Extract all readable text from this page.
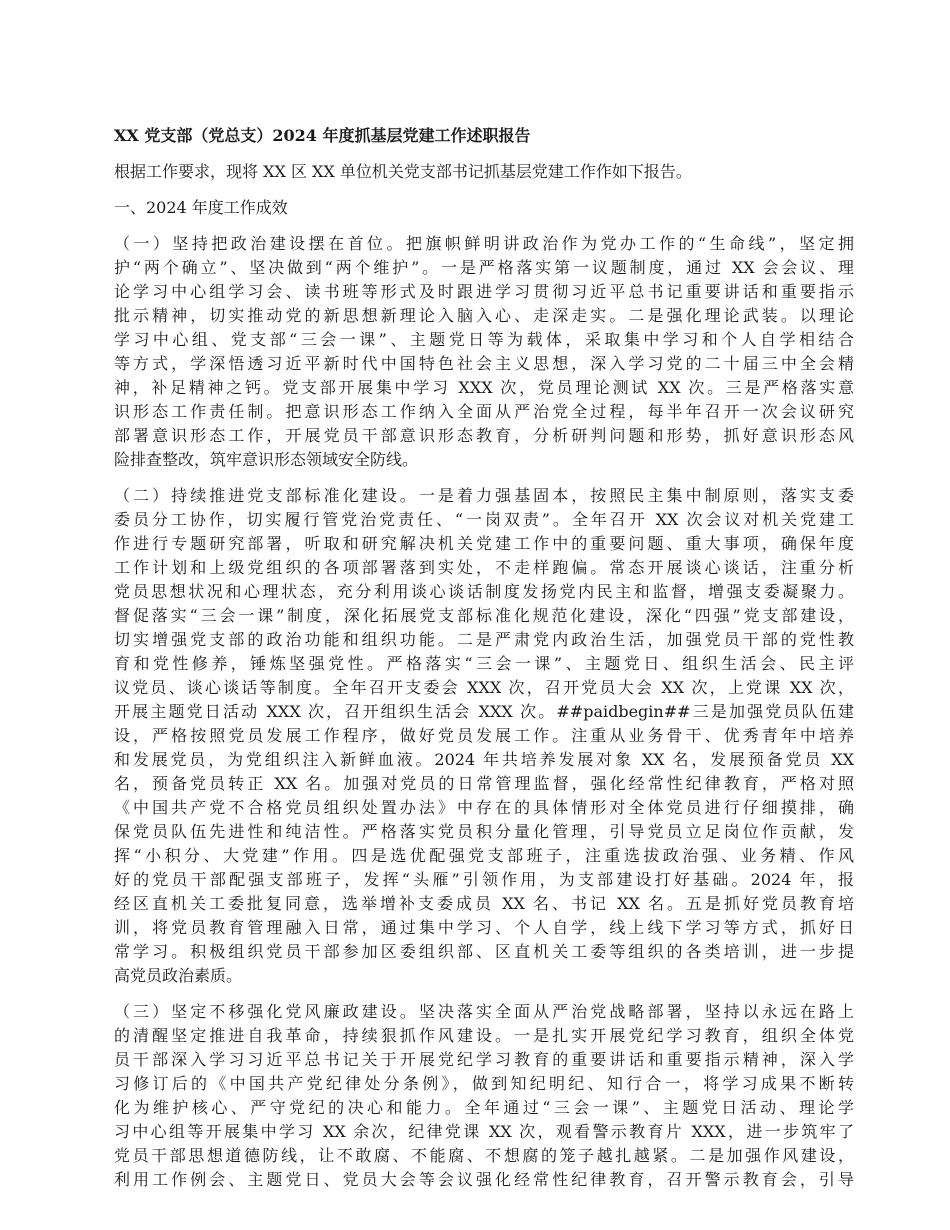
XX 党支部（党总支）2024 年度抓基层党建工作述职报告
根据工作要求，现将 XX 区 XX 单位机关党支部书记抓基层党建工作作如下报告。
一、2024 年度工作成效
（一）坚持把政治建设摆在首位。把旗帜鲜明讲政治作为党办工作的“生命线”，坚定拥
护“两个确立”、坚决做到“两个维护”。一是严格落实第一议题制度，通过 XX 会会议、理
论学习中心组学习会、读书班等形式及时跟进学习贯彻习近平总书记重要讲话和重要指示
批示精神，切实推动党的新思想新理论入脑入心、走深走实。二是强化理论武装。以理论
学习中心组、党支部“三会一课”、主题党日等为载体，采取集中学习和个人自学相结合
等方式，学深悟透习近平新时代中国特色社会主义思想，深入学习党的二十届三中全会精
神，补足精神之钙。党支部开展集中学习 XXX 次，党员理论测试 XX 次。三是严格落实意
识形态工作责任制。把意识形态工作纳入全面从严治党全过程，每半年召开一次会议研究
部署意识形态工作，开展党员干部意识形态教育，分析研判问题和形势，抓好意识形态风
险排查整改，筑牢意识形态领域安全防线。
（二）持续推进党支部标准化建设。一是着力强基固本，按照民主集中制原则，落实支委
委员分工协作，切实履行管党治党责任、“一岗双责”。全年召开 XX 次会议对机关党建工
作进行专题研究部署，听取和研究解决机关党建工作中的重要问题、重大事项，确保年度
工作计划和上级党组织的各项部署落到实处，不走样跑偏。常态开展谈心谈话，注重分析
党员思想状况和心理状态，充分利用谈心谈话制度发扬党内民主和监督，增强支委凝聚力。
督促落实“三会一课”制度，深化拓展党支部标准化规范化建设，深化“四强”党支部建设，
切实增强党支部的政治功能和组织功能。二是严肃党内政治生活，加强党员干部的党性教
育和党性修养，锤炼坚强党性。严格落实“三会一课”、主题党日、组织生活会、民主评
议党员、谈心谈话等制度。全年召开支委会 XXX 次，召开党员大会 XX 次，上党课 XX 次，
开展主题党日活动 XXX 次，召开组织生活会 XXX 次。##paidbegin##三是加强党员队伍建
设，严格按照党员发展工作程序，做好党员发展工作。注重从业务骨干、优秀青年中培养
和发展党员，为党组织注入新鲜血液。2024 年共培养发展对象 XX 名，发展预备党员 XX
名，预备党员转正 XX 名。加强对党员的日常管理监督，强化经常性纪律教育，严格对照
《中国共产党不合格党员组织处置办法》中存在的具体情形对全体党员进行仔细摸排，确
保党员队伍先进性和纯洁性。严格落实党员积分量化管理，引导党员立足岗位作贡献，发
挥“小积分、大党建”作用。四是选优配强党支部班子，注重选拔政治强、业务精、作风
好的党员干部配强支部班子，发挥“头雁”引领作用，为支部建设打好基础。2024 年，报
经区直机关工委批复同意，选举增补支委成员 XX 名、书记 XX 名。五是抓好党员教育培
训，将党员教育管理融入日常，通过集中学习、个人自学，线上线下学习等方式，抓好日
常学习。积极组织党员干部参加区委组织部、区直机关工委等组织的各类培训，进一步提
高党员政治素质。
（三）坚定不移强化党风廉政建设。坚决落实全面从严治党战略部署，坚持以永远在路上
的清醒坚定推进自我革命，持续狠抓作风建设。一是扎实开展党纪学习教育，组织全体党
员干部深入学习习近平总书记关于开展党纪学习教育的重要讲话和重要指示精神，深入学
习修订后的《中国共产党纪律处分条例》，做到知纪明纪、知行合一，将学习成果不断转
化为维护核心、严守党纪的决心和能力。全年通过“三会一课”、主题党日活动、理论学
习中心组等开展集中学习 XX 余次，纪律党课 XX 次，观看警示教育片 XXX，进一步筑牢了
党员干部思想道德防线，让不敢腐、不能腐、不想腐的笼子越扎越紧。二是加强作风建设，
利用工作例会、主题党日、党员大会等会议强化经常性纪律教育，召开警示教育会，引导
